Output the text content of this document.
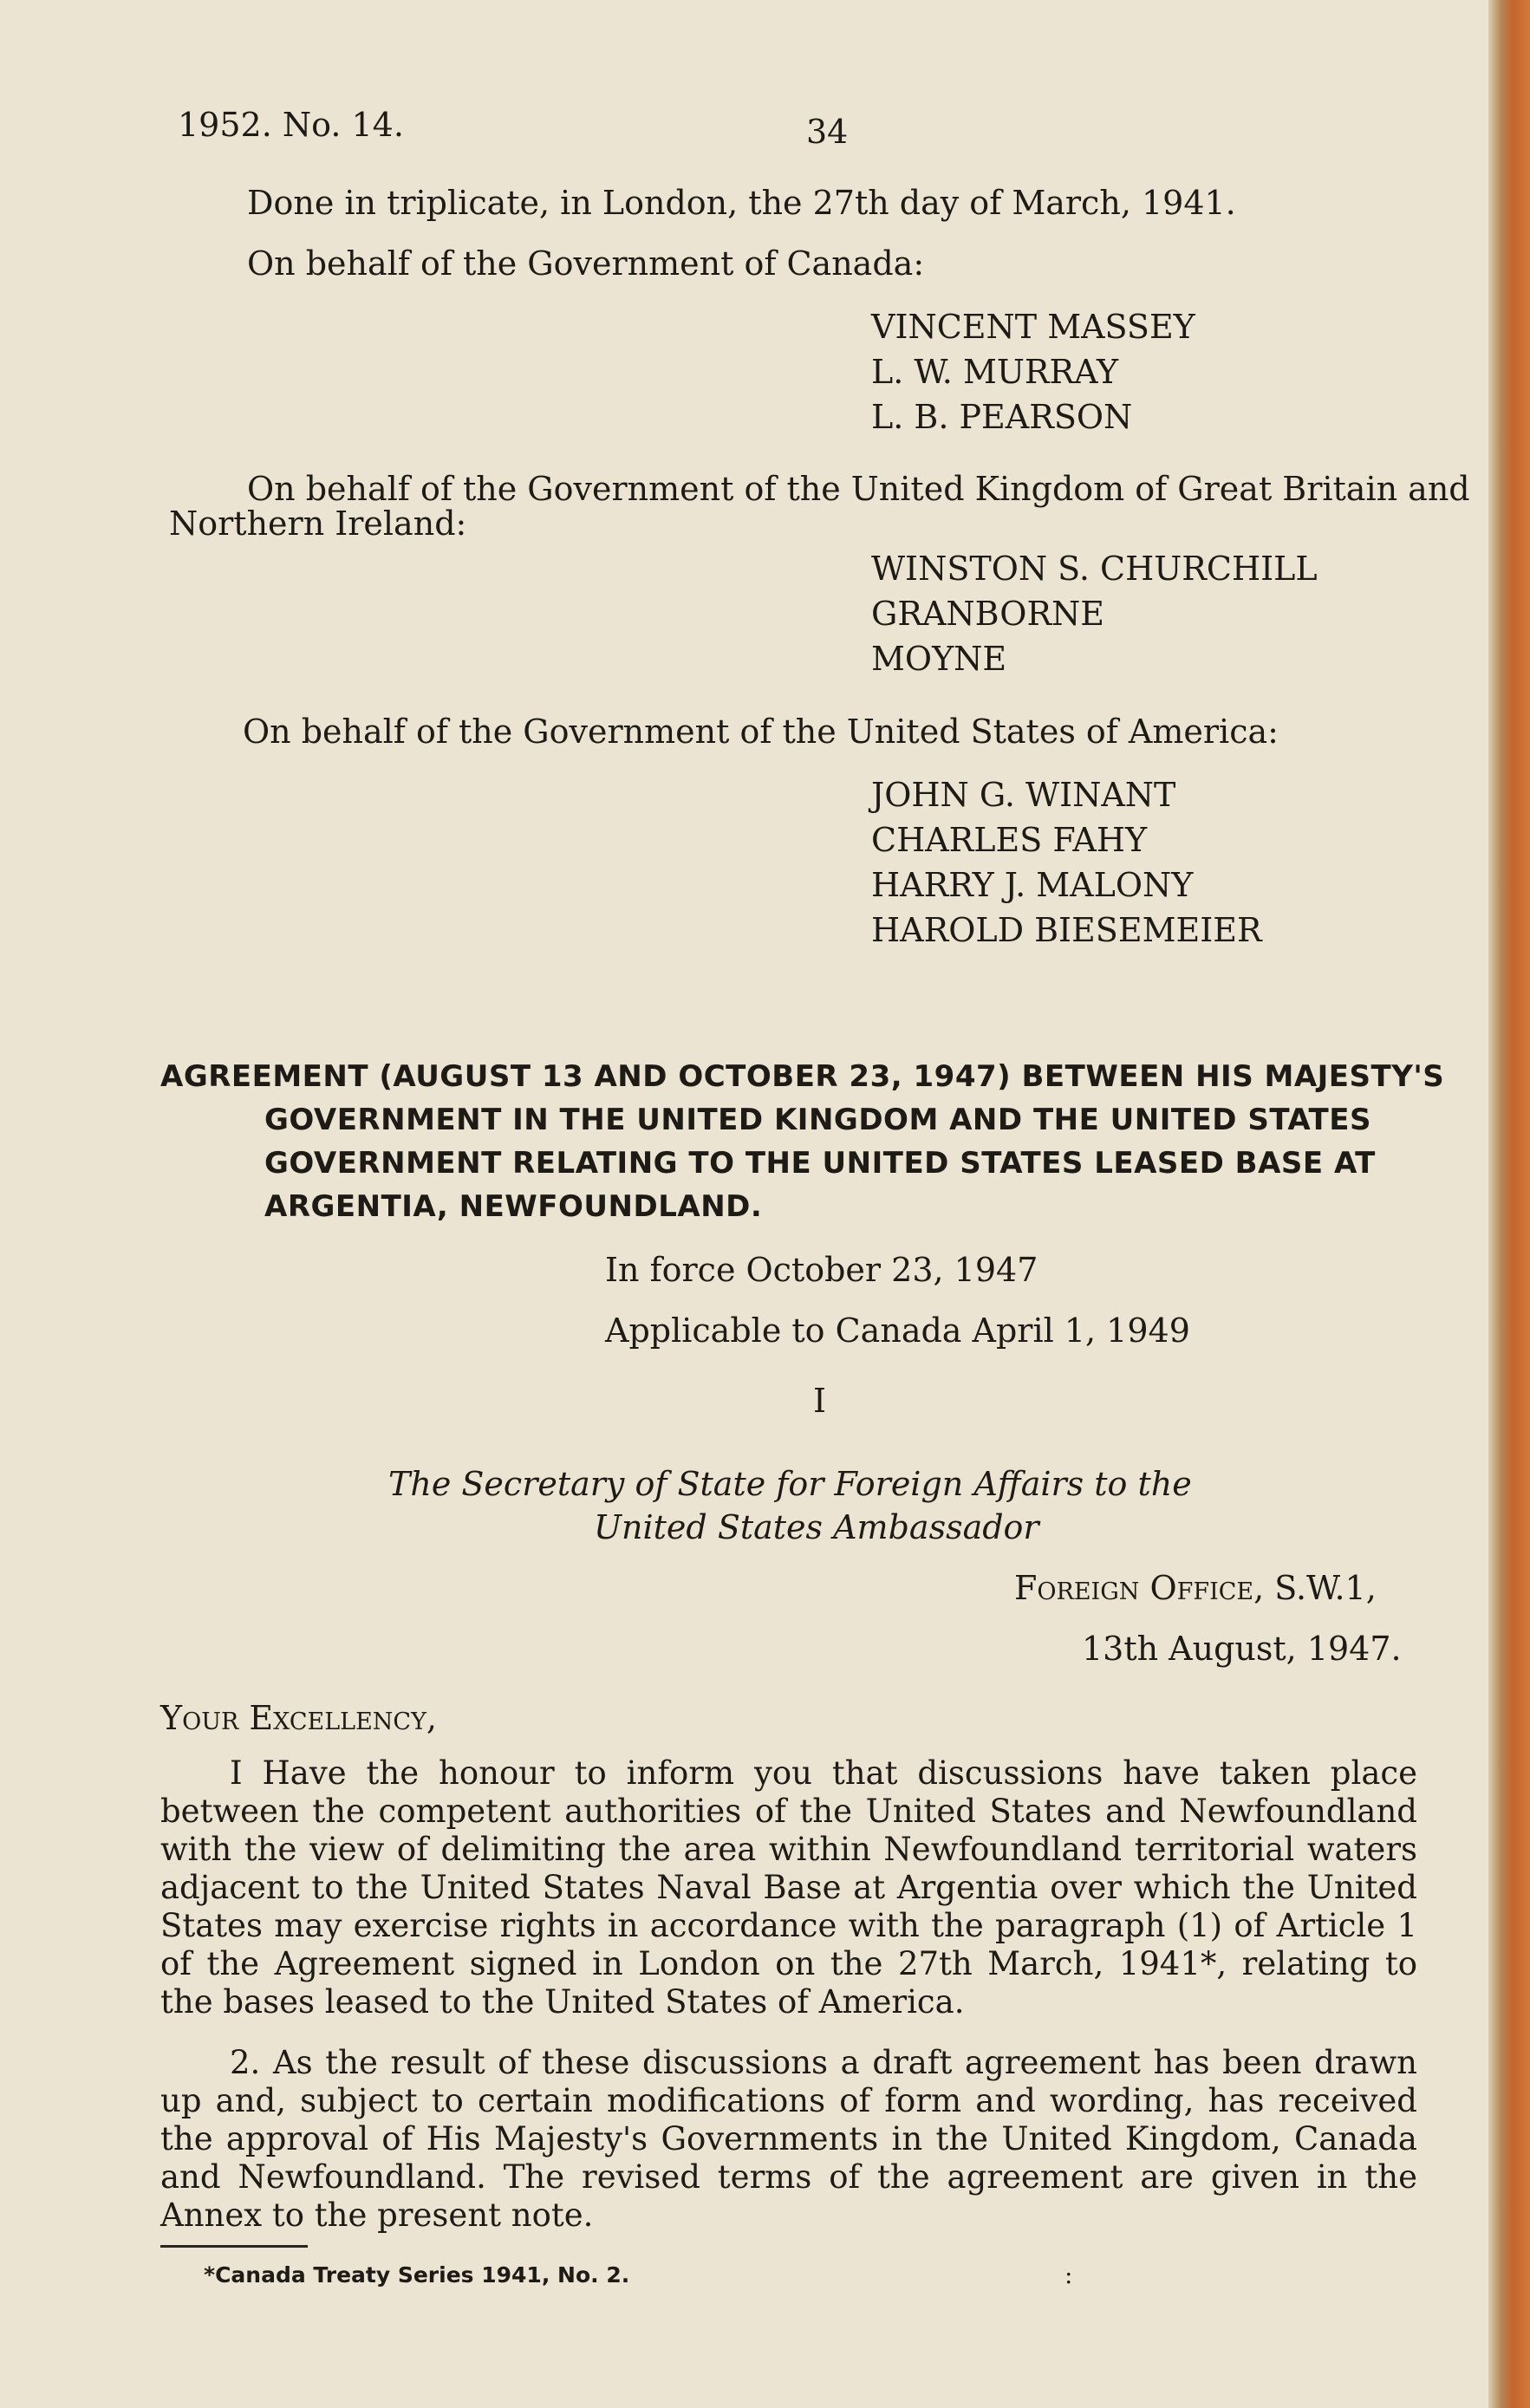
1952. No. 14.	34
Done in triplicate, in London, the 27th day of March, 1941.
On behalf of the Government of Canada:
VINCENT MASSEY
L. W. MURRAY
L. B. PEARSON
On behalf of the Government of the United Kingdom of Great Britain and
Northern Ireland:
WINSTON S. CHURCHILL
GRANBORNE
MOYNE
On behalf of the Government of the United States of America:
JOHN G. WINANT
CHARLES FAHY
HARRY J. MALONY
HAROLD BIESEMEIER
AGREEMENT (AUGUST 13 AND OCTOBER 23, 1947) BETWEEN HIS MAJESTY'S
GOVERNMENT IN THE UNITED KINGDOM AND THE UNITED STATES
GOVERNMENT RELATING TO THE UNITED STATES LEASED BASE AT
ARGENTIA, NEWFOUNDLAND.
In force October 23, 1947
Applicable to Canada April 1, 1949
I
The Secretary of State for Foreign Affairs to the
United States Ambassador
Foreign Office, S.W.1,
13th August, 1947.
Your Excellency,

I Have the honour to inform you that discussions have taken place between the competent authorities of the United States and Newfoundland with the view of delimiting the area within Newfoundland territorial waters adjacent to the United States Naval Base at Argentia over which the United States may exercise rights in accordance with the paragraph (1) of Article 1 of the Agreement signed in London on the 27th March, 1941*, relating to the bases leased to the United States of America.

2. As the result of these discussions a draft agreement has been drawn up and, subject to certain modifications of form and wording, has received the approval of His Majesty's Governments in the United Kingdom, Canada and Newfoundland. The revised terms of the agreement are given in the Annex to the present note.

*Canada Treaty Series 1941, No. 2.	:
